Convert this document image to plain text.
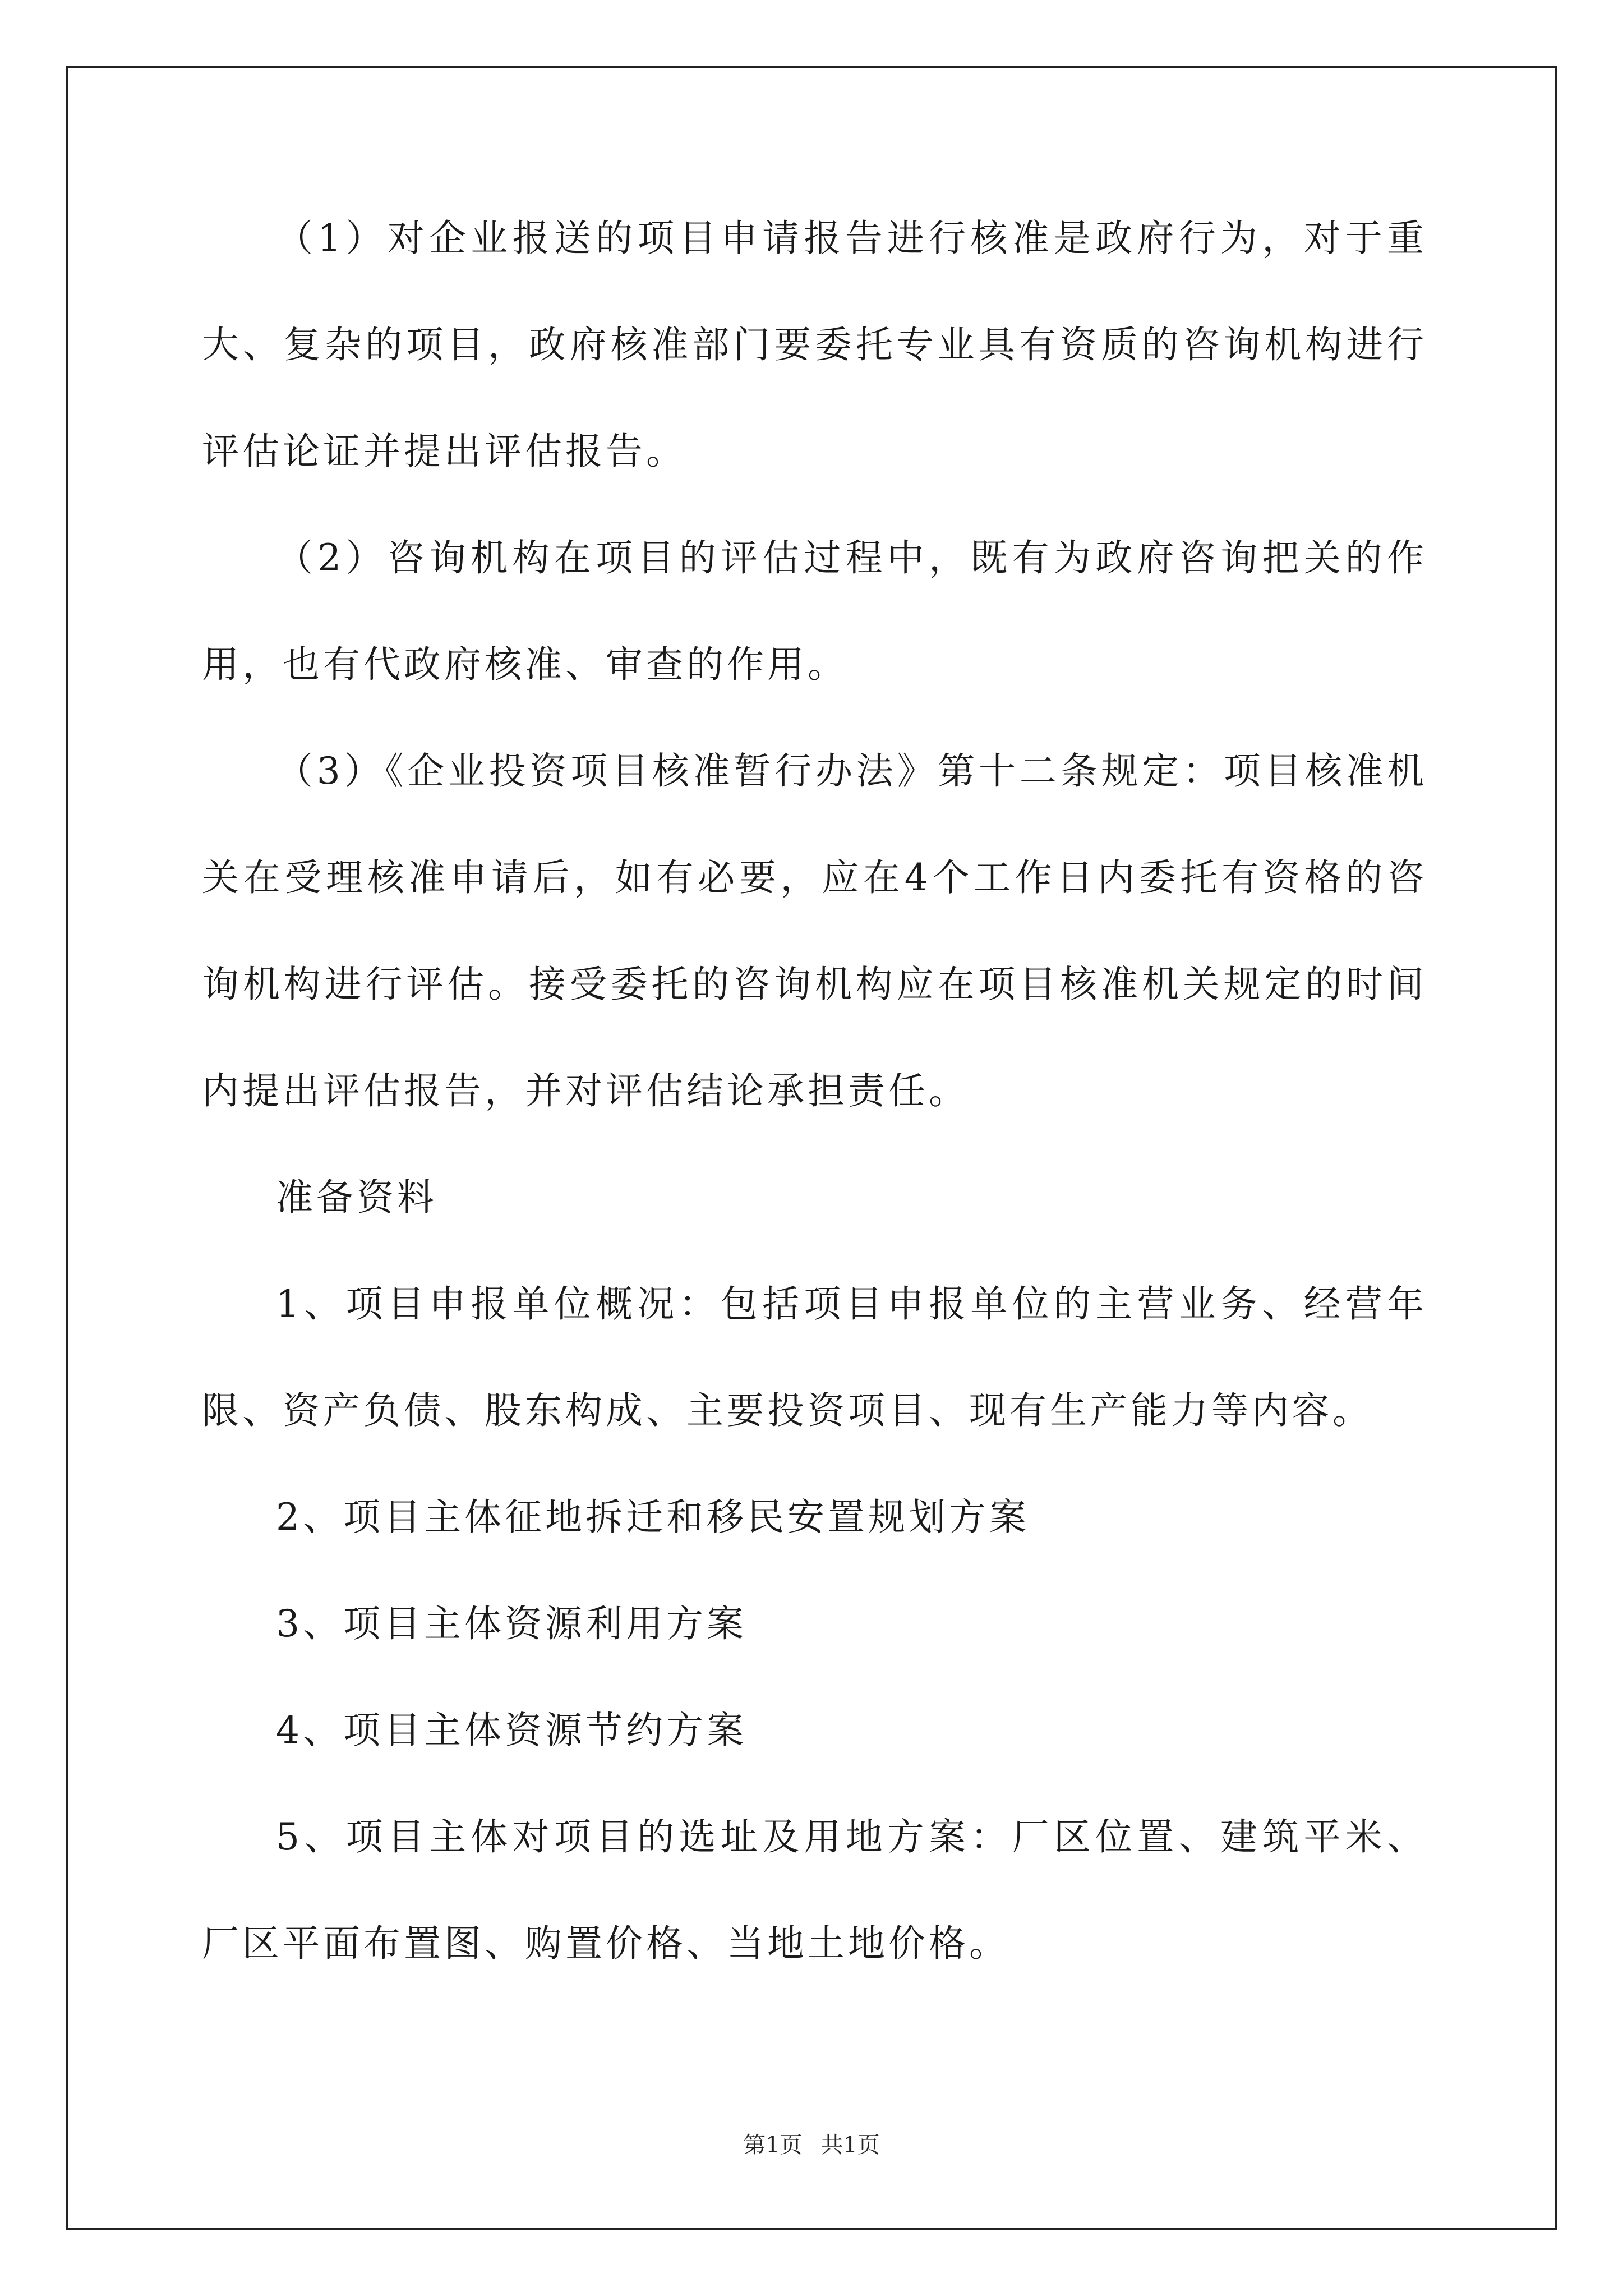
（1）对企业报送的项目申请报告进行核准是政府行为，对于重大、复杂的项目，政府核准部门要委托专业具有资质的咨询机构进行评估论证并提出评估报告。

（2）咨询机构在项目的评估过程中，既有为政府咨询把关的作用，也有代政府核准、审查的作用。

（3）《企业投资项目核准暂行办法》第十二条规定：项目核准机关在受理核准申请后，如有必要，应在4个工作日内委托有资格的咨询机构进行评估。接受委托的咨询机构应在项目核准机关规定的时间内提出评估报告，并对评估结论承担责任。

准备资料

1、项目申报单位概况：包括项目申报单位的主营业务、经营年限、资产负债、股东构成、主要投资项目、现有生产能力等内容。

2、项目主体征地拆迁和移民安置规划方案

3、项目主体资源利用方案

4、项目主体资源节约方案

5、项目主体对项目的选址及用地方案：厂区位置、建筑平米、厂区平面布置图、购置价格、当地土地价格。

第1页 共1页
